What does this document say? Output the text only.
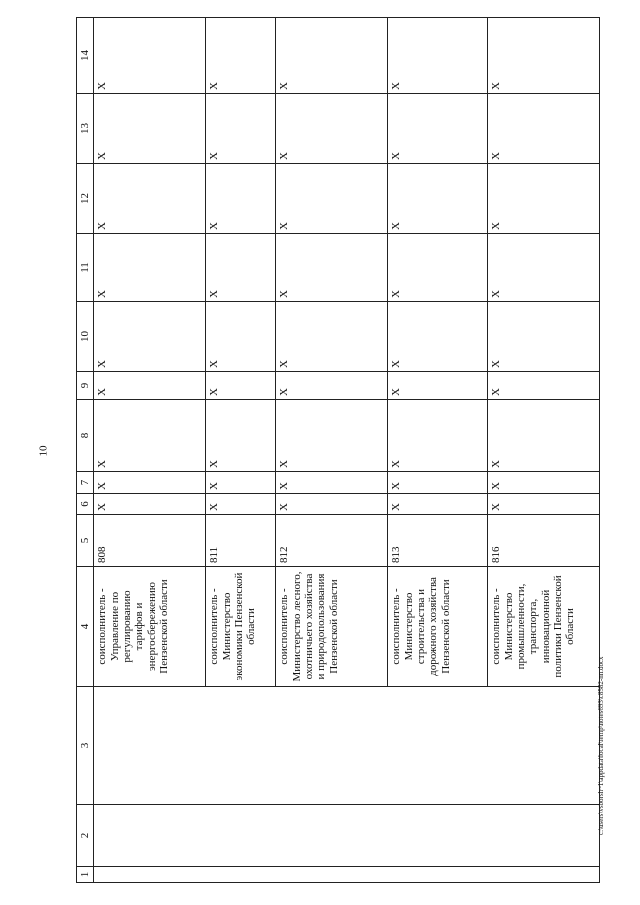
10
1	2	3	4	5	6	7	8	9	10	11	12	13	14
			соисполнитель - Управление по регулированию тарифов и энергосбережению Пензенской области	808	X	X	X	X	X	X	X	X	X
			соисполнитель - Министерство экономики Пензенской области	811	X	X	X	X	X	X	X	X	X
			соисполнитель - Министерство лесного, охотничьего хозяйства и природопользования Пензенской области	812	X	X	X	X	X	X	X	X	X
			соисполнитель - Министерство строительства и дорожного хозяйства Пензенской области	813	X	X	X	X	X	X	X	X	X
			соисполнитель - Министерство промышленности, транспорта, инновационной политики Пензенской области	816	X	X	X	X	X	X	X	X	X
c:\users\vsborsh~1\appdata\local\temp\notes693\c8582-nn.docx
